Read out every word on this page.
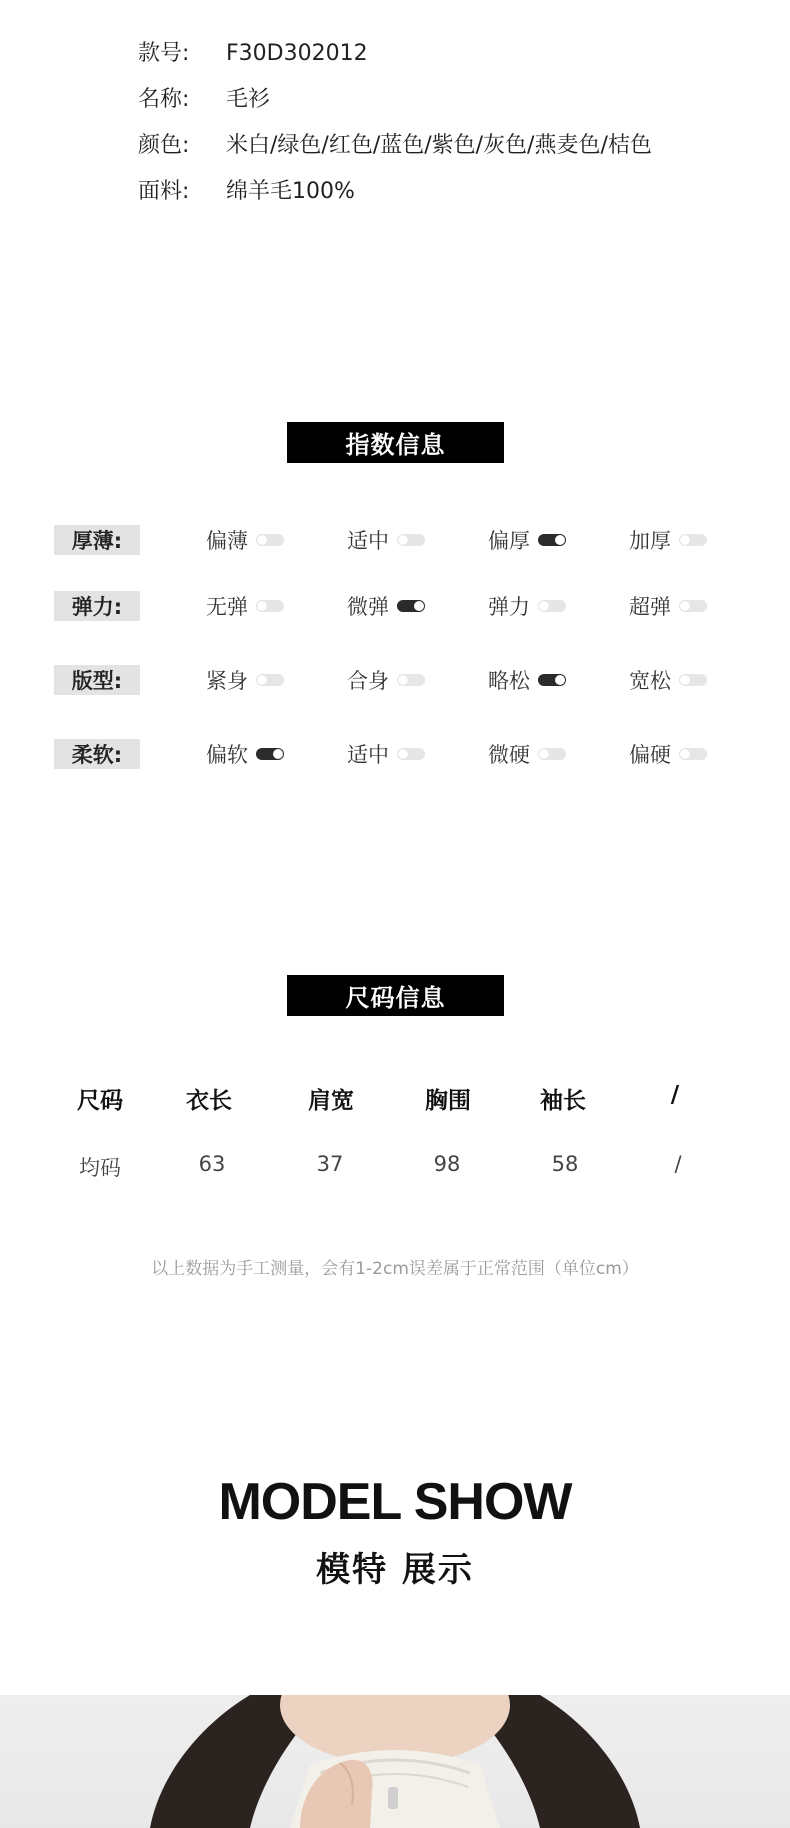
款号: F30D302012
名称: 毛衫
颜色: 米白/绿色/红色/蓝色/紫色/灰色/燕麦色/桔色
面料: 绵羊毛100%
指数信息
厚薄:	偏薄	适中	偏厚	加厚
弹力:	无弹	微弹	弹力	超弹
版型:	紧身	合身	略松	宽松
柔软:	偏软	适中	微硬	偏硬
尺码信息
尺码	衣长	肩宽	胸围	袖长	/
均码	63	37	98	58	/
以上数据为手工测量，会有1-2cm误差属于正常范围（单位cm）
MODEL SHOW
模特 展示
